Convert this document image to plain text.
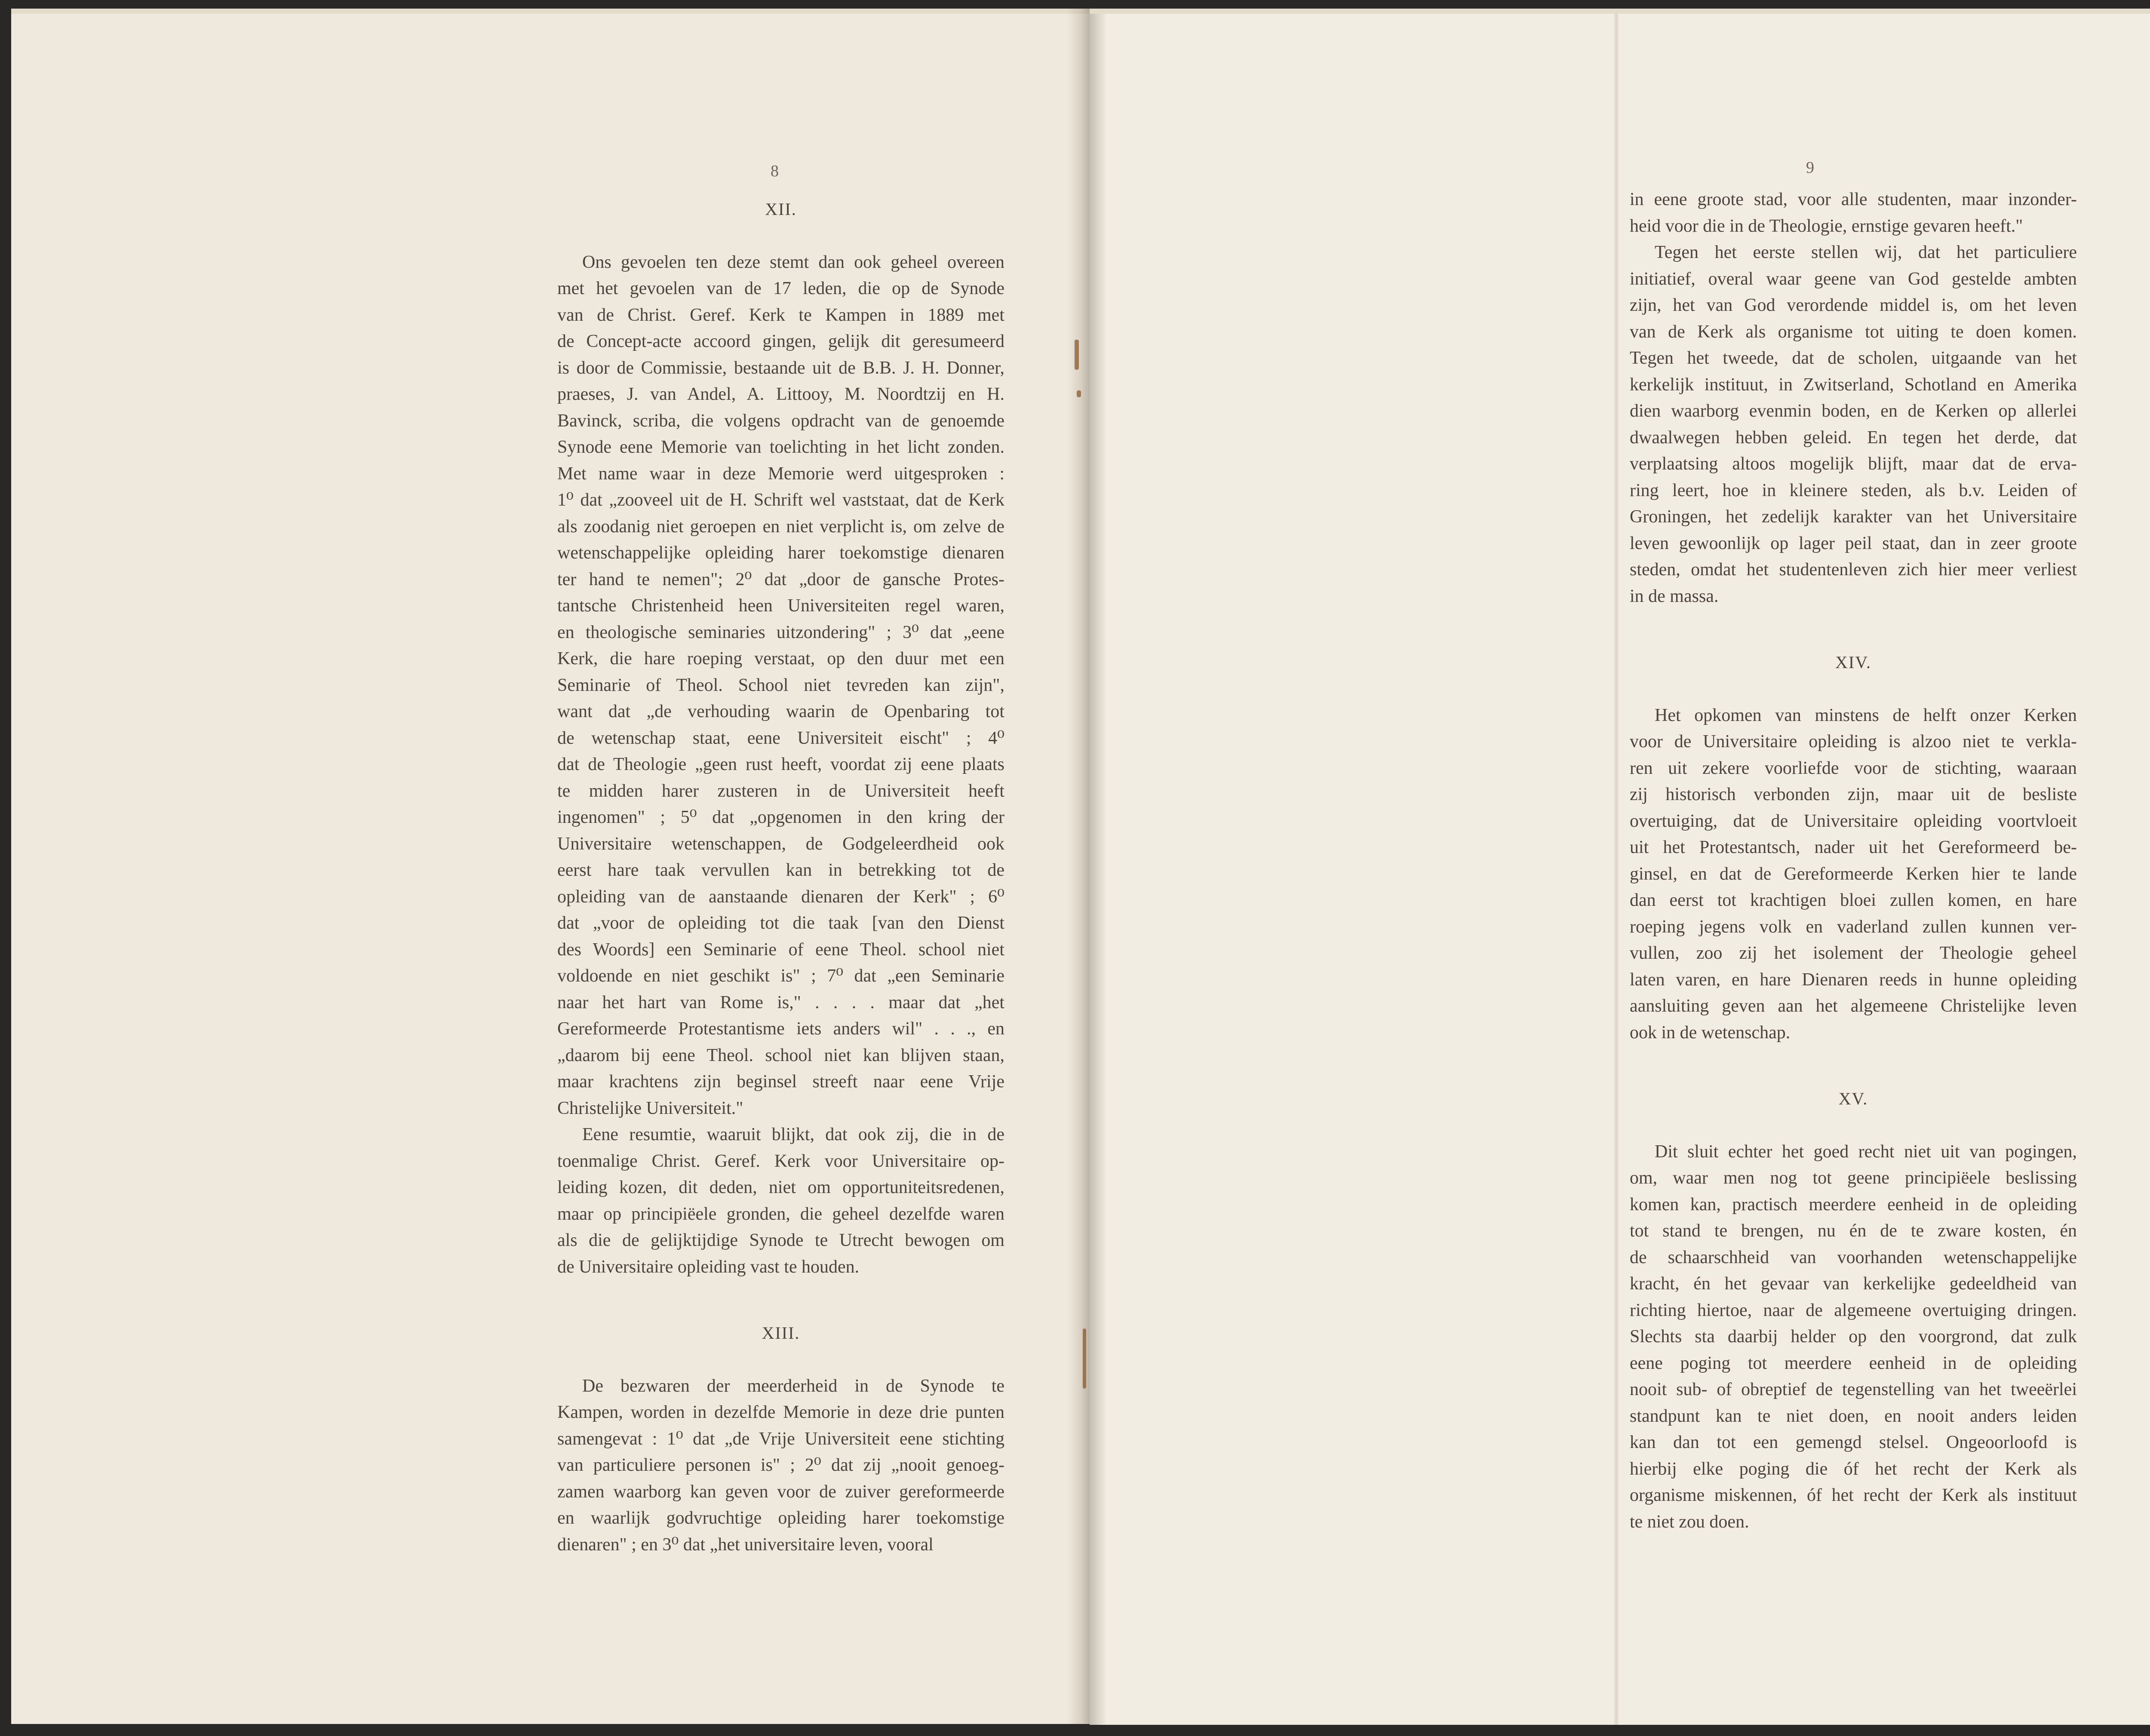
8	9
XII.
Ons gevoelen ten deze stemt dan ook geheel overeen
met het gevoelen van de 17 leden, die op de Synode
van de Christ. Geref. Kerk te Kampen in 1889 met
de Concept-acte accoord gingen, gelijk dit geresumeerd
is door de Commissie, bestaande uit de B.B. J. H. Donner,
praeses, J. van Andel, A. Littooy, M. Noordtzij en H.
Bavinck, scriba, die volgens opdracht van de genoemde
Synode eene Memorie van toelichting in het licht zonden.
Met name waar in deze Memorie werd uitgesproken :
1⁰ dat „zooveel uit de H. Schrift wel vaststaat, dat de Kerk
als zoodanig niet geroepen en niet verplicht is, om zelve de
wetenschappelijke opleiding harer toekomstige dienaren
ter hand te nemen"; 2⁰ dat „door de gansche Protes-
tantsche Christenheid heen Universiteiten regel waren,
en theologische seminaries uitzondering" ; 3⁰ dat „eene
Kerk, die hare roeping verstaat, op den duur met een
Seminarie of Theol. School niet tevreden kan zijn",
want dat „de verhouding waarin de Openbaring tot
de wetenschap staat, eene Universiteit eischt" ; 4⁰
dat de Theologie „geen rust heeft, voordat zij eene plaats
te midden harer zusteren in de Universiteit heeft
ingenomen" ; 5⁰ dat „opgenomen in den kring der
Universitaire wetenschappen, de Godgeleerdheid ook
eerst hare taak vervullen kan in betrekking tot de
opleiding van de aanstaande dienaren der Kerk" ; 6⁰
dat „voor de opleiding tot die taak [van den Dienst
des Woords] een Seminarie of eene Theol. school niet
voldoende en niet geschikt is" ; 7⁰ dat „een Seminarie
naar het hart van Rome is," . . . . maar dat „het
Gereformeerde Protestantisme iets anders wil" . . ., en
„daarom bij eene Theol. school niet kan blijven staan,
maar krachtens zijn beginsel streeft naar eene Vrije
Christelijke Universiteit."
Eene resumtie, waaruit blijkt, dat ook zij, die in de
toenmalige Christ. Geref. Kerk voor Universitaire op-
leiding kozen, dit deden, niet om opportuniteitsredenen,
maar op principiëele gronden, die geheel dezelfde waren
als die de gelijktijdige Synode te Utrecht bewogen om
de Universitaire opleiding vast te houden.
XIII.
De bezwaren der meerderheid in de Synode te
Kampen, worden in dezelfde Memorie in deze drie punten
samengevat : 1⁰ dat „de Vrije Universiteit eene stichting
van particuliere personen is" ; 2⁰ dat zij „nooit genoeg-
zamen waarborg kan geven voor de zuiver gereformeerde
en waarlijk godvruchtige opleiding harer toekomstige
dienaren" ; en 3⁰ dat „het universitaire leven, vooral
in eene groote stad, voor alle studenten, maar inzonder-
heid voor die in de Theologie, ernstige gevaren heeft."
Tegen het eerste stellen wij, dat het particuliere
initiatief, overal waar geene van God gestelde ambten
zijn, het van God verordende middel is, om het leven
van de Kerk als organisme tot uiting te doen komen.
Tegen het tweede, dat de scholen, uitgaande van het
kerkelijk instituut, in Zwitserland, Schotland en Amerika
dien waarborg evenmin boden, en de Kerken op allerlei
dwaalwegen hebben geleid. En tegen het derde, dat
verplaatsing altoos mogelijk blijft, maar dat de erva-
ring leert, hoe in kleinere steden, als b.v. Leiden of
Groningen, het zedelijk karakter van het Universitaire
leven gewoonlijk op lager peil staat, dan in zeer groote
steden, omdat het studentenleven zich hier meer verliest
in de massa.
XIV.
Het opkomen van minstens de helft onzer Kerken
voor de Universitaire opleiding is alzoo niet te verkla-
ren uit zekere voorliefde voor de stichting, waaraan
zij historisch verbonden zijn, maar uit de besliste
overtuiging, dat de Universitaire opleiding voortvloeit
uit het Protestantsch, nader uit het Gereformeerd be-
ginsel, en dat de Gereformeerde Kerken hier te lande
dan eerst tot krachtigen bloei zullen komen, en hare
roeping jegens volk en vaderland zullen kunnen ver-
vullen, zoo zij het isolement der Theologie geheel
laten varen, en hare Dienaren reeds in hunne opleiding
aansluiting geven aan het algemeene Christelijke leven
ook in de wetenschap.
XV.
Dit sluit echter het goed recht niet uit van pogingen,
om, waar men nog tot geene principiëele beslissing
komen kan, practisch meerdere eenheid in de opleiding
tot stand te brengen, nu én de te zware kosten, én
de schaarschheid van voorhanden wetenschappelijke
kracht, én het gevaar van kerkelijke gedeeldheid van
richting hiertoe, naar de algemeene overtuiging dringen.
Slechts sta daarbij helder op den voorgrond, dat zulk
eene poging tot meerdere eenheid in de opleiding
nooit sub- of obreptief de tegenstelling van het tweeërlei
standpunt kan te niet doen, en nooit anders leiden
kan dan tot een gemengd stelsel. Ongeoorloofd is
hierbij elke poging die óf het recht der Kerk als
organisme miskennen, óf het recht der Kerk als instituut
te niet zou doen.
